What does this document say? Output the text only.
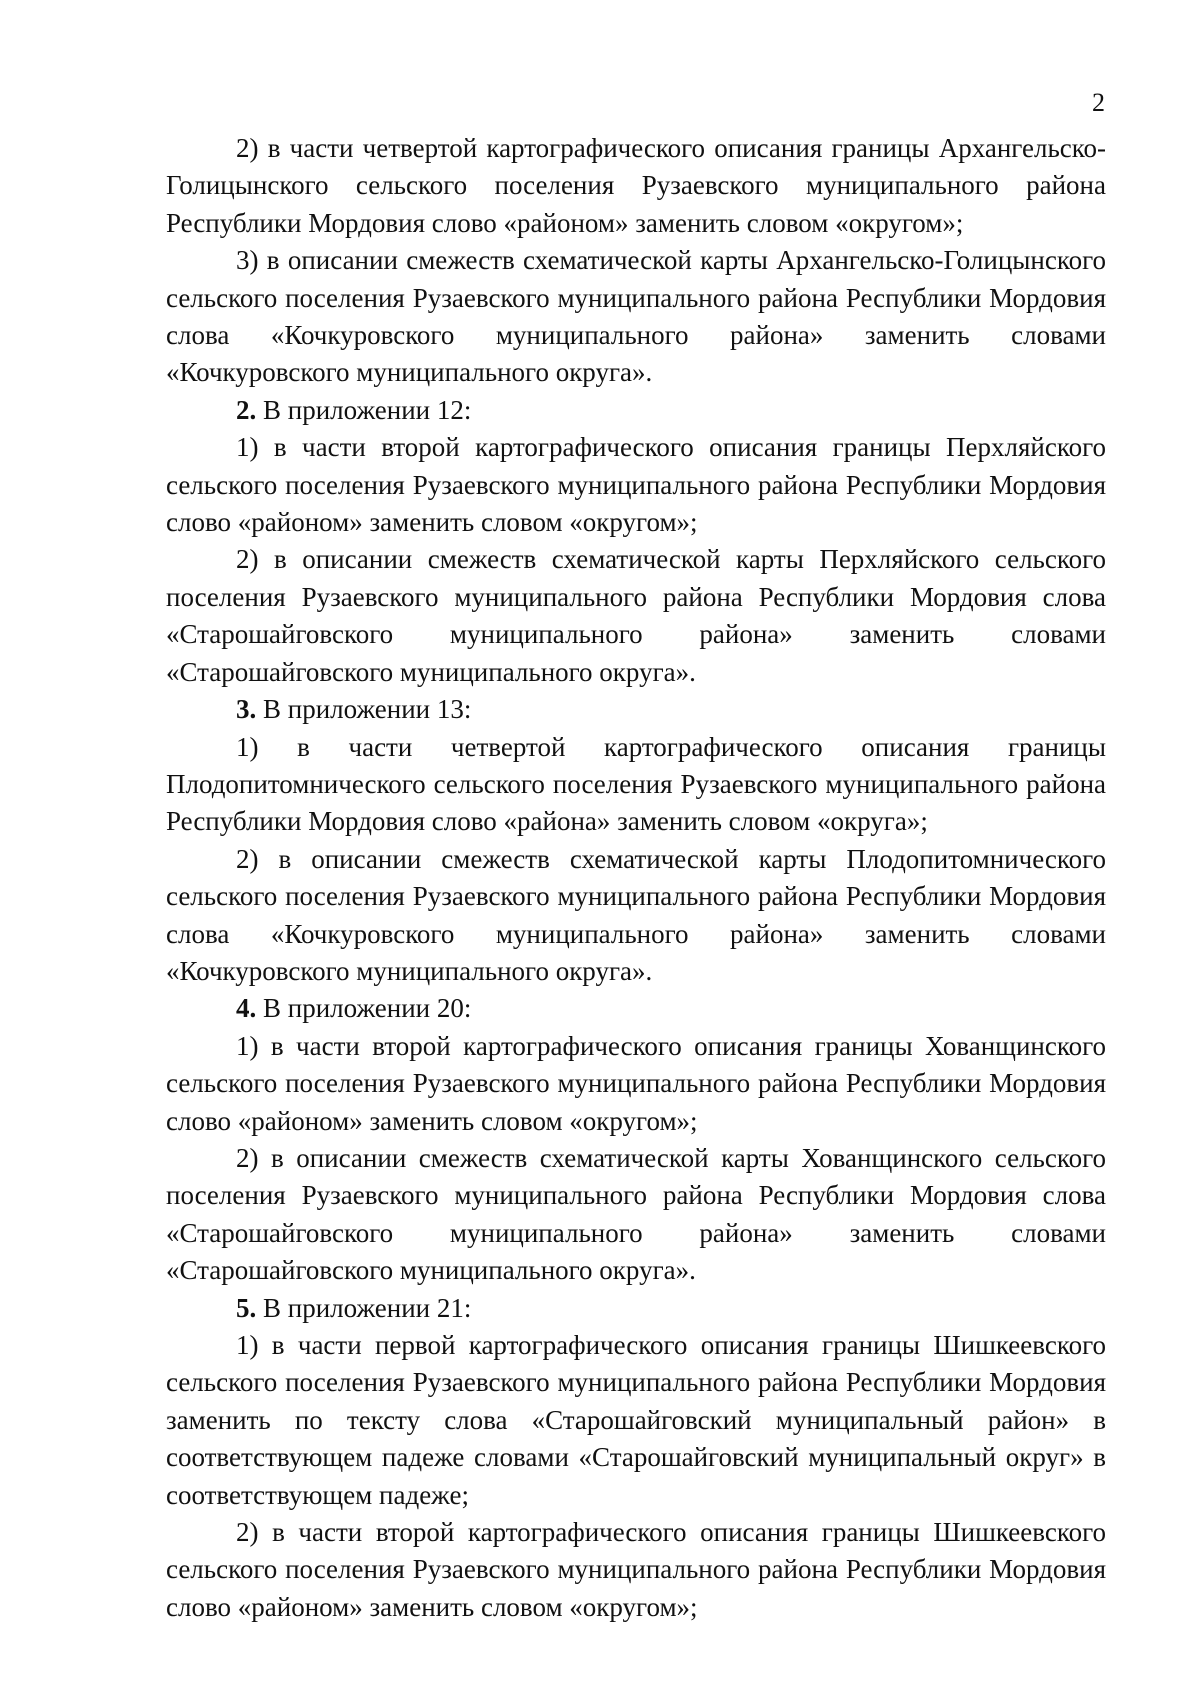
2

2) в части четвертой картографического описания границы Архангельско-Голицынского сельского поселения Рузаевского муниципального района Республики Мордовия слово «районом» заменить словом «округом»;

3) в описании смежеств схематической карты Архангельско-Голицынского сельского поселения Рузаевского муниципального района Республики Мордовия слова «Кочкуровского муниципального района» заменить словами «Кочкуровского муниципального округа».

2. В приложении 12:

1) в части второй картографического описания границы Перхляйского сельского поселения Рузаевского муниципального района Республики Мордовия слово «районом» заменить словом «округом»;

2) в описании смежеств схематической карты Перхляйского сельского поселения Рузаевского муниципального района Республики Мордовия слова «Старошайговского муниципального района» заменить словами «Старошайговского муниципального округа».

3. В приложении 13:

1) в части четвертой картографического описания границы Плодопитомнического сельского поселения Рузаевского муниципального района Республики Мордовия слово «района» заменить словом «округа»;

2) в описании смежеств схематической карты Плодопитомнического сельского поселения Рузаевского муниципального района Республики Мордовия слова «Кочкуровского муниципального района» заменить словами «Кочкуровского муниципального округа».

4. В приложении 20:

1) в части второй картографического описания границы Хованщинского сельского поселения Рузаевского муниципального района Республики Мордовия слово «районом» заменить словом «округом»;

2) в описании смежеств схематической карты Хованщинского сельского поселения Рузаевского муниципального района Республики Мордовия слова «Старошайговского муниципального района» заменить словами «Старошайговского муниципального округа».

5. В приложении 21:

1) в части первой картографического описания границы Шишкеевского сельского поселения Рузаевского муниципального района Республики Мордовия заменить по тексту слова «Старошайговский муниципальный район» в соответствующем падеже словами «Старошайговский муниципальный округ» в соответствующем падеже;

2) в части второй картографического описания границы Шишкеевского сельского поселения Рузаевского муниципального района Республики Мордовия слово «районом» заменить словом «округом»;
